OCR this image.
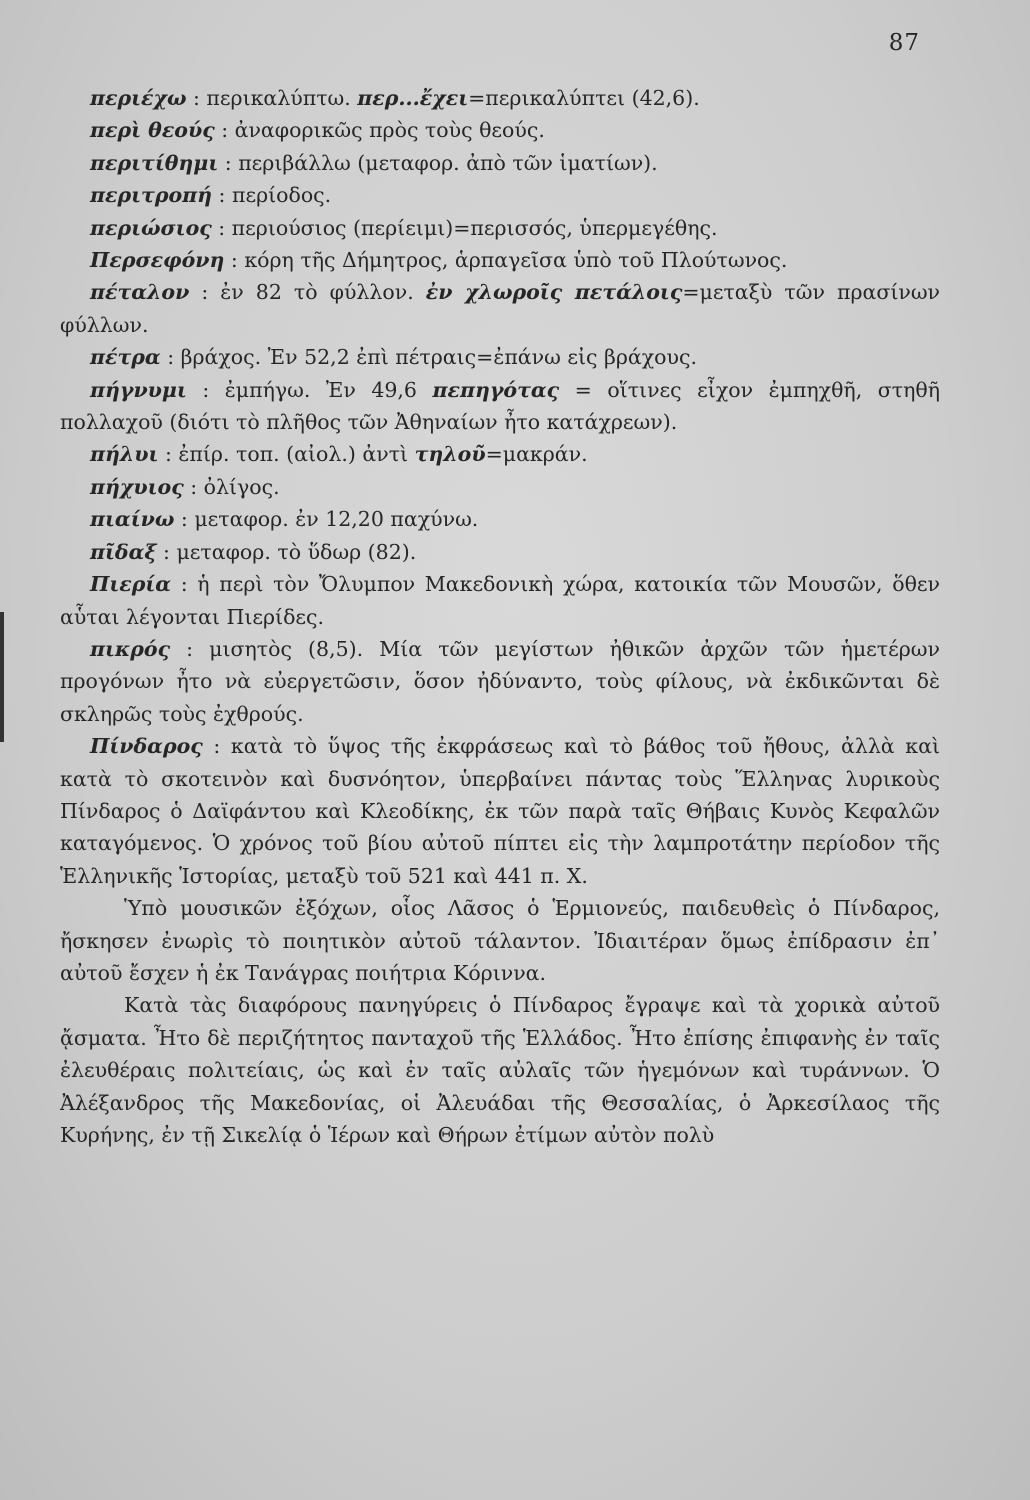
87

περιέχω : περικαλύπτω. περ...ἔχει=περικαλύπτει (42,6).

περὶ θεούς : ἀναφορικῶς πρὸς τοὺς θεούς.

περιτίθημι : περιβάλλω (μεταφορ. ἀπὸ τῶν ἱματίων).

περιτροπή : περίοδος.

περιώσιος : περιούσιος (περίειμι)=περισσός, ὑπερμεγέθης.

Περσεφόνη : κόρη τῆς Δήμητρος, ἁρπαγεῖσα ὑπὸ τοῦ Πλούτωνος.

πέταλον : ἐν 82 τὸ φύλλον. ἐν χλωροῖς πετάλοις=μεταξὺ τῶν πρασίνων φύλλων.

πέτρα : βράχος. Ἐν 52,2 ἐπὶ πέτραις=ἐπάνω εἰς βράχους.

πήγνυμι : ἐμπήγω. Ἐν 49,6 πεπηγότας = οἵτινες εἶχον ἐμπηχθῆ, στηθῆ πολλαχοῦ (διότι τὸ πλῆθος τῶν Ἀθηναίων ἦτο κατάχρεων).

πήλυι : ἐπίρ. τοπ. (αἰολ.) ἀντὶ τηλοῦ=μακράν.

πήχυιος : ὀλίγος.

πιαίνω : μεταφορ. ἐν 12,20 παχύνω.

πῖδαξ : μεταφορ. τὸ ὕδωρ (82).

Πιερία : ἡ περὶ τὸν Ὄλυμπον Μακεδονικὴ χώρα, κατοικία τῶν Μουσῶν, ὅθεν αὗται λέγονται Πιερίδες.

πικρός : μισητὸς (8,5). Μία τῶν μεγίστων ἠθικῶν ἀρχῶν τῶν ἡμετέρων προγόνων ἦτο νὰ εὐεργετῶσιν, ὅσον ἠδύναντο, τοὺς φίλους, νὰ ἐκδικῶνται δὲ σκληρῶς τοὺς ἐχθρούς.

Πίνδαρος : κατὰ τὸ ὕψος τῆς ἐκφράσεως καὶ τὸ βάθος τοῦ ἤθους, ἀλλὰ καὶ κατὰ τὸ σκοτεινὸν καὶ δυσνόητον, ὑπερβαίνει πάντας τοὺς Ἕλληνας λυρικοὺς Πίνδαρος ὁ Δαϊφάντου καὶ Κλεοδίκης, ἐκ τῶν παρὰ ταῖς Θήβαις Κυνὸς Κεφαλῶν καταγόμενος. Ὁ χρόνος τοῦ βίου αὐτοῦ πίπτει εἰς τὴν λαμπροτάτην περίοδον τῆς Ἑλληνικῆς Ἱστορίας, μεταξὺ τοῦ 521 καὶ 441 π. Χ.

Ὑπὸ μουσικῶν ἐξόχων, οἷος Λᾶσος ὁ Ἑρμιονεύς, παιδευθεὶς ὁ Πίνδαρος, ἤσκησεν ἐνωρὶς τὸ ποιητικὸν αὐτοῦ τάλαντον. Ἰδιαιτέραν ὅμως ἐπίδρασιν ἐπ᾽ αὐτοῦ ἔσχεν ἡ ἐκ Τανάγρας ποιήτρια Κόριννα.

Κατὰ τὰς διαφόρους πανηγύρεις ὁ Πίνδαρος ἔγραψε καὶ τὰ χορικὰ αὐτοῦ ᾄσματα. Ἦτο δὲ περιζήτητος πανταχοῦ τῆς Ἑλλάδος. Ἦτο ἐπίσης ἐπιφανὴς ἐν ταῖς ἐλευθέραις πολιτείαις, ὡς καὶ ἐν ταῖς αὐλαῖς τῶν ἡγεμόνων καὶ τυράννων. Ὁ Ἀλέξανδρος τῆς Μακεδονίας, οἱ Ἀλευάδαι τῆς Θεσσαλίας, ὁ Ἀρκεσίλαος τῆς Κυρήνης, ἐν τῇ Σικελίᾳ ὁ Ἱέρων καὶ Θήρων ἐτίμων αὐτὸν πολὺ
